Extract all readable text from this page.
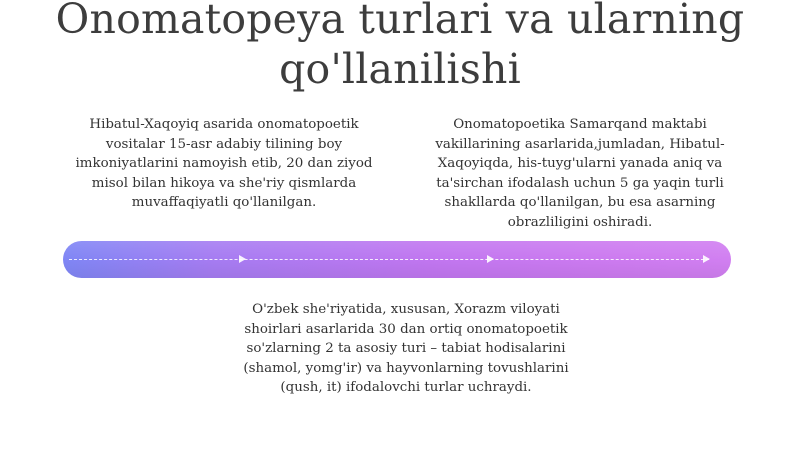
Onomatopeya turlari va ularning
qo'llanilishi

Hibatul-Xaqoyiq asarida onomatopoetik vositalar 15-asr adabiy tilining boy imkoniyatlarini namoyish etib, 20 dan ziyod misol bilan hikoya va she'riy qismlarda muvaffaqiyatli qo'llanilgan.

Onomatopoetika Samarqand maktabi vakillarining asarlarida,jumladan, Hibatul-Xaqoyiqda, his-tuyg'ularni yanada aniq va ta'sirchan ifodalash uchun 5 ga yaqin turli shakllarda qo'llanilgan, bu esa asarning obrazliligini oshiradi.

O'zbek she'riyatida, xususan, Xorazm viloyati shoirlari asarlarida 30 dan ortiq onomatopoetik so'zlarning 2 ta asosiy turi – tabiat hodisalarini (shamol, yomg'ir) va hayvonlarning tovushlarini (qush, it) ifodalovchi turlar uchraydi.
